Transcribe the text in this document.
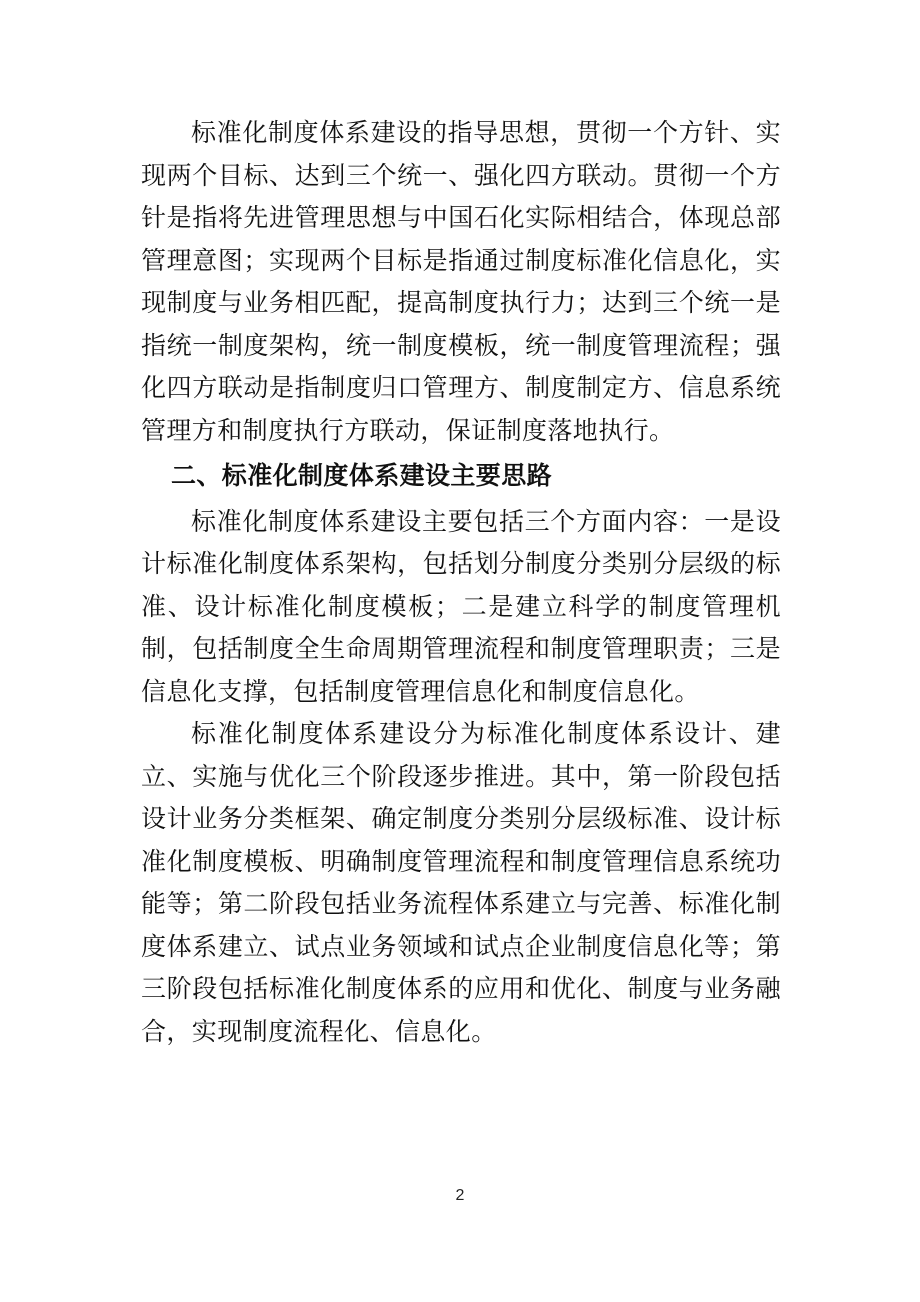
标准化制度体系建设的指导思想，贯彻一个方针、实现两个目标、达到三个统一、强化四方联动。贯彻一个方针是指将先进管理思想与中国石化实际相结合，体现总部管理意图；实现两个目标是指通过制度标准化信息化，实现制度与业务相匹配，提高制度执行力；达到三个统一是指统一制度架构，统一制度模板，统一制度管理流程；强化四方联动是指制度归口管理方、制度制定方、信息系统管理方和制度执行方联动，保证制度落地执行。

二、标准化制度体系建设主要思路

标准化制度体系建设主要包括三个方面内容：一是设计标准化制度体系架构，包括划分制度分类别分层级的标准、设计标准化制度模板；二是建立科学的制度管理机制，包括制度全生命周期管理流程和制度管理职责；三是信息化支撑，包括制度管理信息化和制度信息化。

标准化制度体系建设分为标准化制度体系设计、建立、实施与优化三个阶段逐步推进。其中，第一阶段包括设计业务分类框架、确定制度分类别分层级标准、设计标准化制度模板、明确制度管理流程和制度管理信息系统功能等；第二阶段包括业务流程体系建立与完善、标准化制度体系建立、试点业务领域和试点企业制度信息化等；第三阶段包括标准化制度体系的应用和优化、制度与业务融合，实现制度流程化、信息化。

2
